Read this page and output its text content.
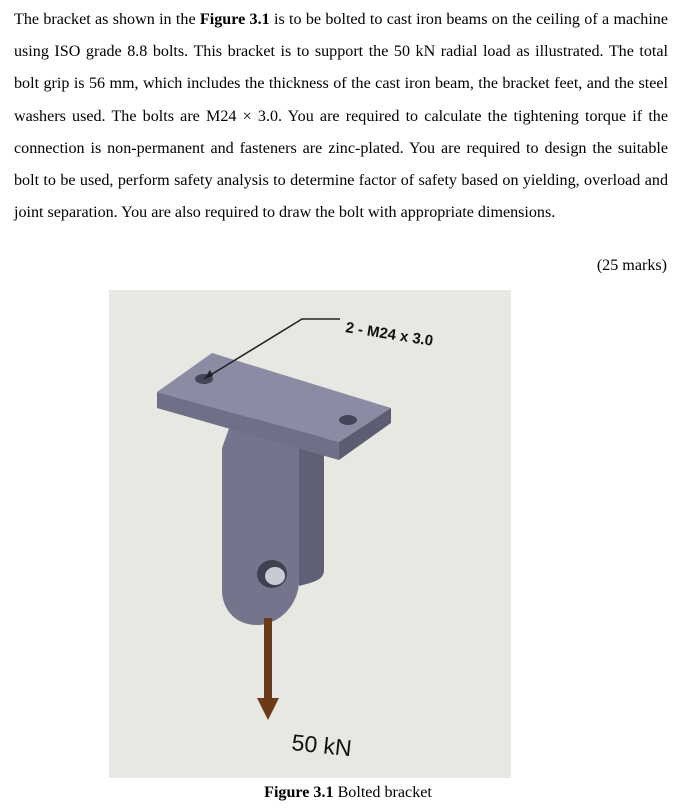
The bracket as shown in the Figure 3.1 is to be bolted to cast iron beams on the ceiling of a machine using ISO grade 8.8 bolts. This bracket is to support the 50 kN radial load as illustrated. The total bolt grip is 56 mm, which includes the thickness of the cast iron beam, the bracket feet, and the steel washers used. The bolts are M24 × 3.0. You are required to calculate the tightening torque if the connection is non-permanent and fasteners are zinc-plated. You are required to design the suitable bolt to be used, perform safety analysis to determine factor of safety based on yielding, overload and joint separation. You are also required to draw the bolt with appropriate dimensions.
(25 marks)
2 - M24 x 3.0
50 kN
Figure 3.1 Bolted bracket
